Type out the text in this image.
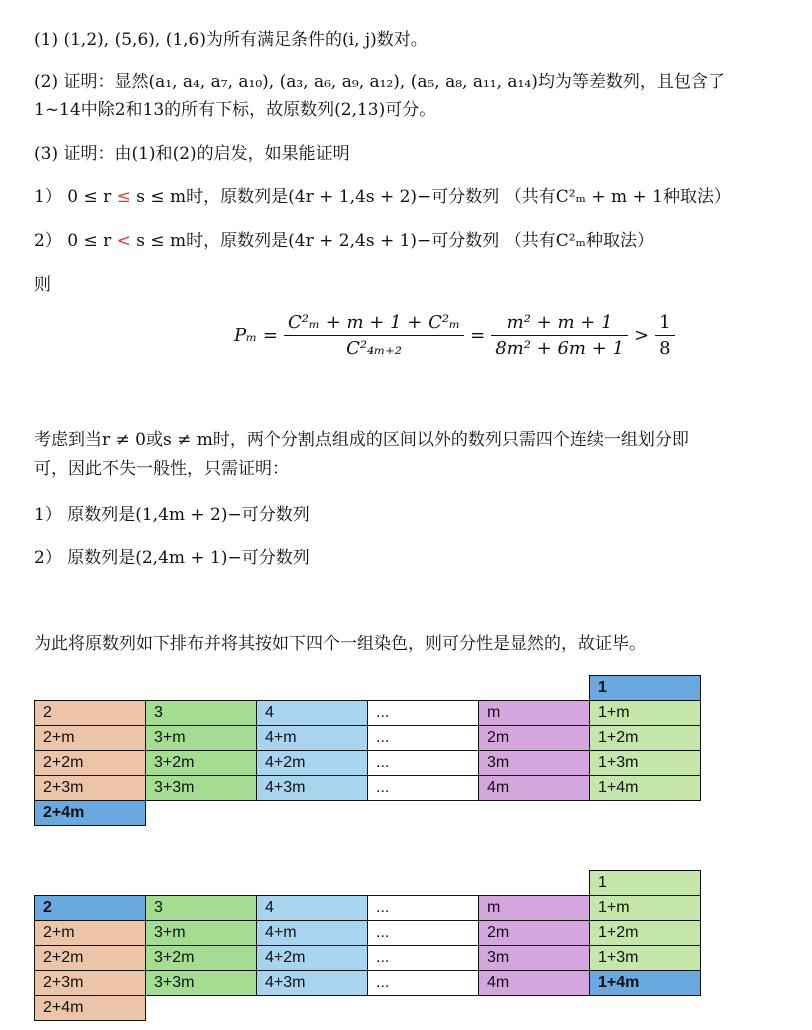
(1) (1,2), (5,6), (1,6)为所有满足条件的(i, j)数对。
(2) 证明：显然(a₁, a₄, a₇, a₁₀), (a₃, a₆, a₉, a₁₂), (a₅, a₈, a₁₁, a₁₄)均为等差数列，且包含了
1~14中除2和13的所有下标，故原数列(2,13)可分。
(3) 证明：由(1)和(2)的启发，如果能证明
1） 0 ≤ r ≤ s ≤ m时，原数列是(4r + 1,4s + 2)−可分数列 （共有C²ₘ + m + 1种取法）
2） 0 ≤ r < s ≤ m时，原数列是(4r + 2,4s + 1)−可分数列 （共有C²ₘ种取法）
则
$P_m = \frac{\text{C²ₘ + m + 1 + C²ₘ}}{\text{C²₄ₘ₊₂}} = \frac{\text{m² + m + 1}}{\text{8m² + 6m + 1}} > \frac{1}{8}$
考虑到当r ≠ 0或s ≠ m时，两个分割点组成的区间以外的数列只需四个连续一组划分即
可，因此不失一般性，只需证明：
1） 原数列是(1,4m + 2)−可分数列
2） 原数列是(2,4m + 1)−可分数列
为此将原数列如下排布并将其按如下四个一组染色，则可分性是显然的，故证毕。
					1
2	3	4	...	m	1+m
2+m	3+m	4+m	...	2m	1+2m
2+2m	3+2m	4+2m	...	3m	1+3m
2+3m	3+3m	4+3m	...	4m	1+4m
2+4m					
					1
2	3	4	...	m	1+m
2+m	3+m	4+m	...	2m	1+2m
2+2m	3+2m	4+2m	...	3m	1+3m
2+3m	3+3m	4+3m	...	4m	1+4m
2+4m					
